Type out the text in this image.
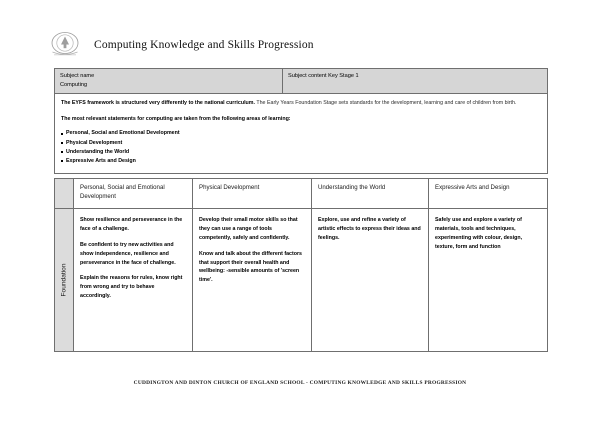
Computing Knowledge and Skills Progression
Subject name
Computing
Subject content Key Stage 1

The EYFS framework is structured very differently to the national curriculum. The Early Years Foundation Stage sets standards for the development, learning and care of children from birth.

The most relevant statements for computing are taken from the following areas of learning:

Personal, Social and Emotional Development
Physical Development
Understanding the World
Expressive Arts and Design
Personal, Social and Emotional Development
Physical Development	Understanding the World	Expressive Arts and Design
Foundation

Show resilience and perseverance in the face of a challenge.

Be confident to try new activities and show independence, resilience and perseverance in the face of challenge.

Explain the reasons for rules, know right from wrong and try to behave accordingly.

Develop their small motor skills so that they can use a range of tools competently, safely and confidently.

Know and talk about the different factors that support their overall health and wellbeing: -sensible amounts of 'screen time'.

Explore, use and refine a variety of artistic effects to express their ideas and feelings.

Safely use and explore a variety of materials, tools and techniques, experimenting with colour, design, texture, form and function

CUDDINGTON AND DINTON CHURCH OF ENGLAND SCHOOL - COMPUTING KNOWLEDGE AND SKILLS PROGRESSION
